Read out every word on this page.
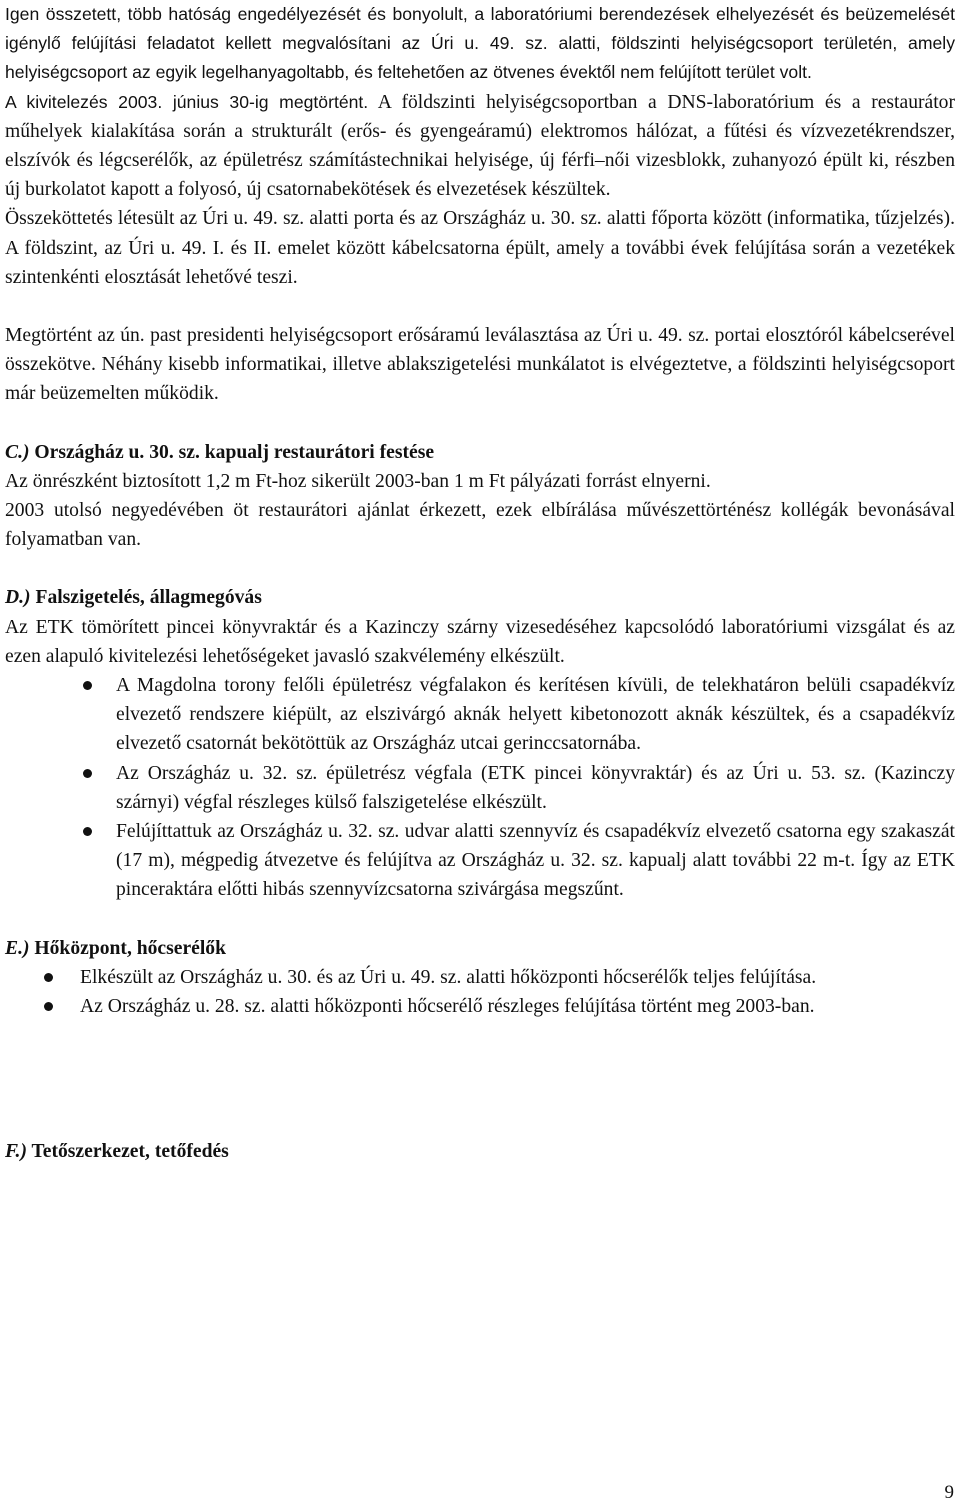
Igen összetett, több hatóság engedélyezését és bonyolult, a laboratóriumi berendezések elhelyezését és beüzemelését igénylő felújítási feladatot kellett megvalósítani az Úri u. 49. sz. alatti, földszinti helyiségcsoport területén, amely helyiségcsoport az egyik legelhanyagoltabb, és feltehetően az ötvenes évektől nem felújított terület volt.

A kivitelezés 2003. június 30-ig megtörtént. A földszinti helyiségcsoportban a DNS-laboratórium és a restaurátor műhelyek kialakítása során a strukturált (erős- és gyengeáramú) elektromos hálózat, a fűtési és vízvezetékrendszer, elszívók és légcserélők, az épületrész számítástechnikai helyisége, új férfi–női vizesblokk, zuhanyozó épült ki, részben új burkolatot kapott a folyosó, új csatornabekötések és elvezetések készültek.

Összeköttetés létesült az Úri u. 49. sz. alatti porta és az Országház u. 30. sz. alatti főporta között (informatika, tűzjelzés). A földszint, az Úri u. 49. I. és II. emelet között kábelcsatorna épült, amely a további évek felújítása során a vezetékek szintenkénti elosztását lehetővé teszi.

Megtörtént az ún. past presidenti helyiségcsoport erősáramú leválasztása az Úri u. 49. sz. portai elosztóról kábelcserével összekötve. Néhány kisebb informatikai, illetve ablakszigetelési munkálatot is elvégeztetve, a földszinti helyiségcsoport már beüzemelten működik.

C.) Országház u. 30. sz. kapualj restaurátori festése

Az önrészként biztosított 1,2 m Ft-hoz sikerült 2003-ban 1 m Ft pályázati forrást elnyerni.

2003 utolsó negyedévében öt restaurátori ajánlat érkezett, ezek elbírálása művészettörténész kollégák bevonásával folyamatban van.

D.) Falszigetelés, állagmegóvás

Az ETK tömörített pincei könyvraktár és a Kazinczy szárny vizesedéséhez kapcsolódó laboratóriumi vizsgálat és az ezen alapuló kivitelezési lehetőségeket javasló szakvélemény elkészült.

A Magdolna torony felőli épületrész végfalakon és kerítésen kívüli, de telekhatáron belüli csapadékvíz elvezető rendszere kiépült, az elszivárgó aknák helyett kibetonozott aknák készültek, és a csapadékvíz elvezető csatornát bekötöttük az Országház utcai gerinccsatornába.
Az Országház u. 32. sz. épületrész végfala (ETK pincei könyvraktár) és az Úri u. 53. sz. (Kazinczy szárnyi) végfal részleges külső falszigetelése elkészült.
Felújíttattuk az Országház u. 32. sz. udvar alatti szennyvíz és csapadékvíz elvezető csatorna egy szakaszát (17 m), mégpedig átvezetve és felújítva az Országház u. 32. sz. kapualj alatt további 22 m-t. Így az ETK pinceraktára előtti hibás szennyvízcsatorna szivárgása megszűnt.

E.) Hőközpont, hőcserélők

Elkészült az Országház u. 30. és az Úri u. 49. sz. alatti hőközponti hőcserélők teljes felújítása.
Az Országház u. 28. sz. alatti hőközponti hőcserélő részleges felújítása történt meg 2003-ban.

F.) Tetőszerkezet, tetőfedés

9
